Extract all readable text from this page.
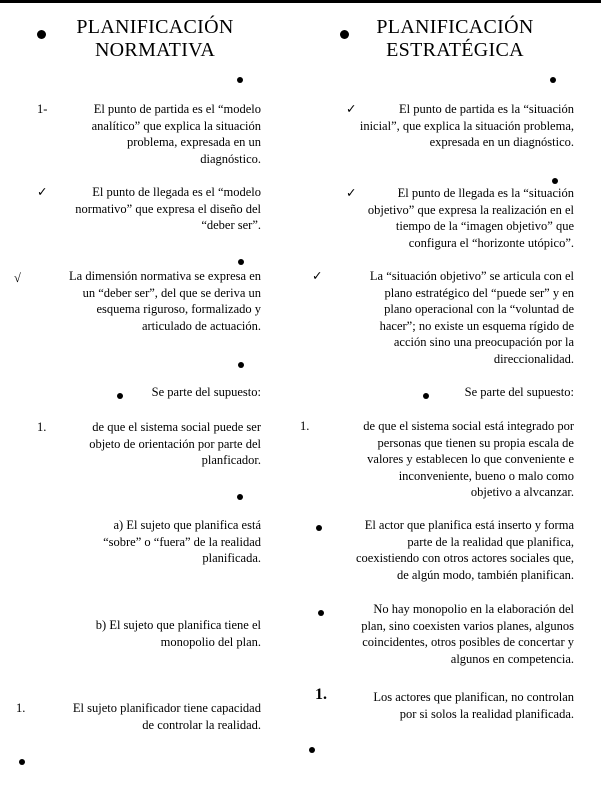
PLANIFICACIÓN
NORMATIVA
1-	El punto de partida es el “modelo
analítico” que explica la situación
problema, expresada en un
diagnóstico.
✓	El punto de llegada es el “modelo
normativo” que expresa el diseño del
“deber ser”.
√	La dimensión normativa se expresa en
un “deber ser”, del que se deriva un
esquema riguroso, formalizado y
articulado de actuación.
Se parte del supuesto:
1.	de que el sistema social puede ser
objeto de orientación por parte del
planficador.
a) El sujeto que planifica está
“sobre” o “fuera” de la realidad
planificada.
b) El sujeto que planifica tiene el
monopolio del plan.
1.	El sujeto planificador tiene capacidad
de controlar la realidad.
PLANIFICACIÓN
ESTRATÉGICA
✓	El punto de partida es la “situación
inicial”, que explica la situación problema,
expresada en un diagnóstico.
✓	El punto de llegada es la “situación
objetivo” que expresa la realización en el
tiempo de la “imagen objetivo” que
configura el “horizonte utópico”.
✓	La “situación objetivo” se articula con el
plano estratégico del “puede ser” y en
plano operacional con la “voluntad de
hacer”; no existe un esquema rígido de
acción sino una preocupación por la
direccionalidad.
Se parte del supuesto:
1.	de que el sistema social está integrado por
personas que tienen su propia escala de
valores y establecen lo que conveniente e
inconveniente, bueno o malo como
objetivo a alvcanzar.
El actor que planifica está inserto y forma
parte de la realidad que planifica,
coexistiendo con otros actores sociales que,
de algún modo, también planifican.
No hay monopolio en la elaboración del
plan, sino coexisten varios planes, algunos
coincidentes, otros posibles de concertar y
algunos en competencia.
1.	Los actores que planifican, no controlan
por si solos la realidad planificada.
